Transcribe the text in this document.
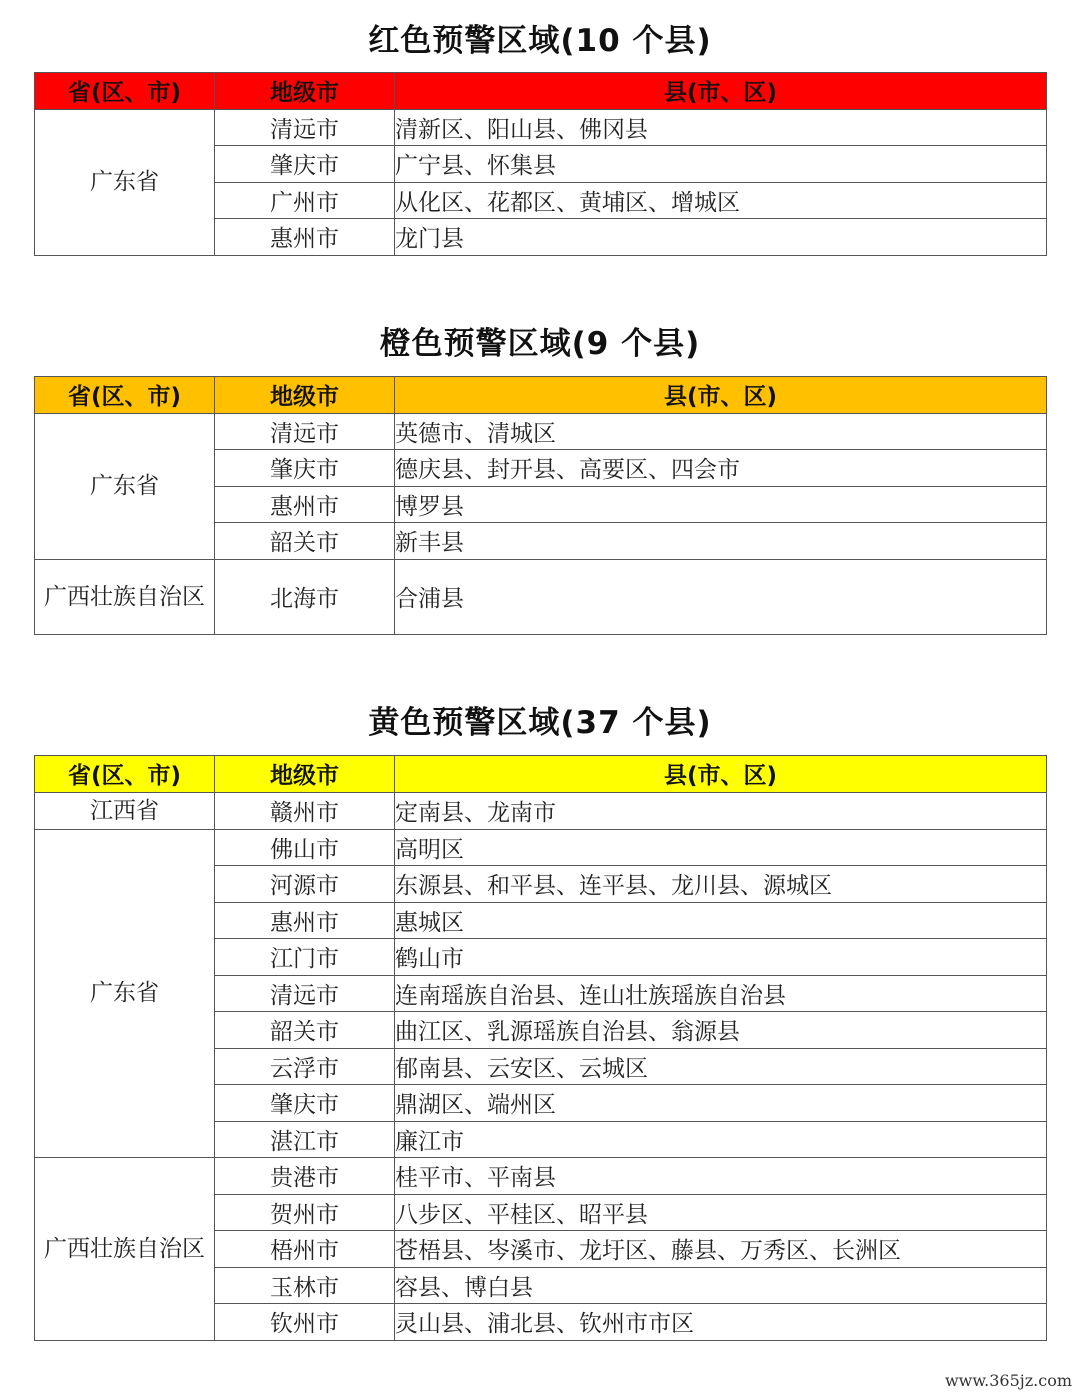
红色预警区域(10 个县)
省(区、市)	地级市	县(市、区)
广东省	清远市	清新区、阳山县、佛冈县
	肇庆市	广宁县、怀集县
	广州市	从化区、花都区、黄埔区、增城区
	惠州市	龙门县
橙色预警区域(9 个县)
省(区、市)	地级市	县(市、区)
广东省	清远市	英德市、清城区
	肇庆市	德庆县、封开县、高要区、四会市
	惠州市	博罗县
	韶关市	新丰县
广西壮族自治区	北海市	合浦县
黄色预警区域(37 个县)
省(区、市)	地级市	县(市、区)
江西省	赣州市	定南县、龙南市
广东省	佛山市	高明区
	河源市	东源县、和平县、连平县、龙川县、源城区
	惠州市	惠城区
	江门市	鹤山市
	清远市	连南瑶族自治县、连山壮族瑶族自治县
	韶关市	曲江区、乳源瑶族自治县、翁源县
	云浮市	郁南县、云安区、云城区
	肇庆市	鼎湖区、端州区
	湛江市	廉江市
广西壮族自治区	贵港市	桂平市、平南县
	贺州市	八步区、平桂区、昭平县
	梧州市	苍梧县、岑溪市、龙圩区、藤县、万秀区、长洲区
	玉林市	容县、博白县
	钦州市	灵山县、浦北县、钦州市市区
www.365jz.com
